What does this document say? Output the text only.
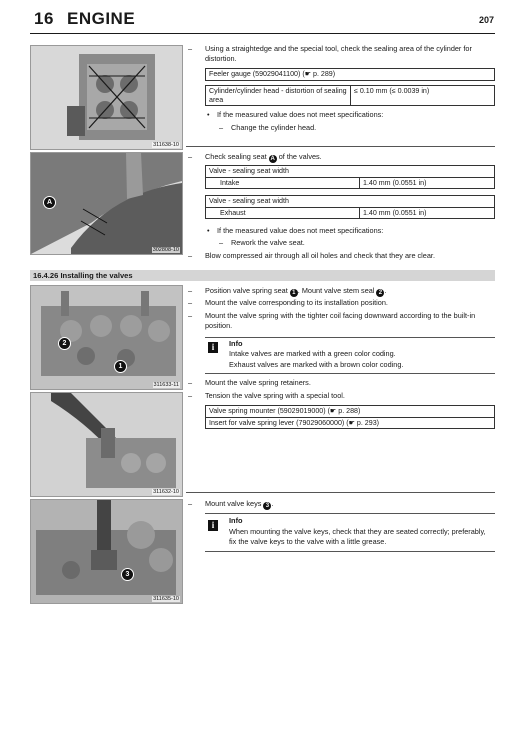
16 ENGINE	207
311638-10
A
302808-10
– Using a straightedge and the special tool, check the sealing area of the cylinder for distortion.
Feeler gauge (59029041100) (☛ p. 289)
Cylinder/cylinder head - distortion of sealing area	≤ 0.10 mm (≤ 0.0039 in)
• If the measured value does not meet specifications:
– Change the cylinder head.
– Check sealing seat A of the valves.
Valve - sealing seat width
Intake	1.40 mm (0.0551 in)
Valve - sealing seat width
Exhaust	1.40 mm (0.0551 in)
• If the measured value does not meet specifications:
– Rework the valve seat.
– Blow compressed air through all oil holes and check that they are clear.
16.4.26 Installing the valves
2
1
311633-11
– Position valve spring seat 1 . Mount valve stem seal 2 .
– Mount the valve corresponding to its installation position.
– Mount the valve spring with the tighter coil facing downward according to the built-in position.
i	Info
Intake valves are marked with a green color coding.
Exhaust valves are marked with a brown color coding.
311632-10
– Mount the valve spring retainers.
– Tension the valve spring with a special tool.
Valve spring mounter (59029019000) (☛ p. 288)
Insert for valve spring lever (79029060000) (☛ p. 293)
3
311635-10
– Mount valve keys 3 .
i	Info
When mounting the valve keys, check that they are seated correctly; preferably, fix the valve keys to the valve with a little grease.
